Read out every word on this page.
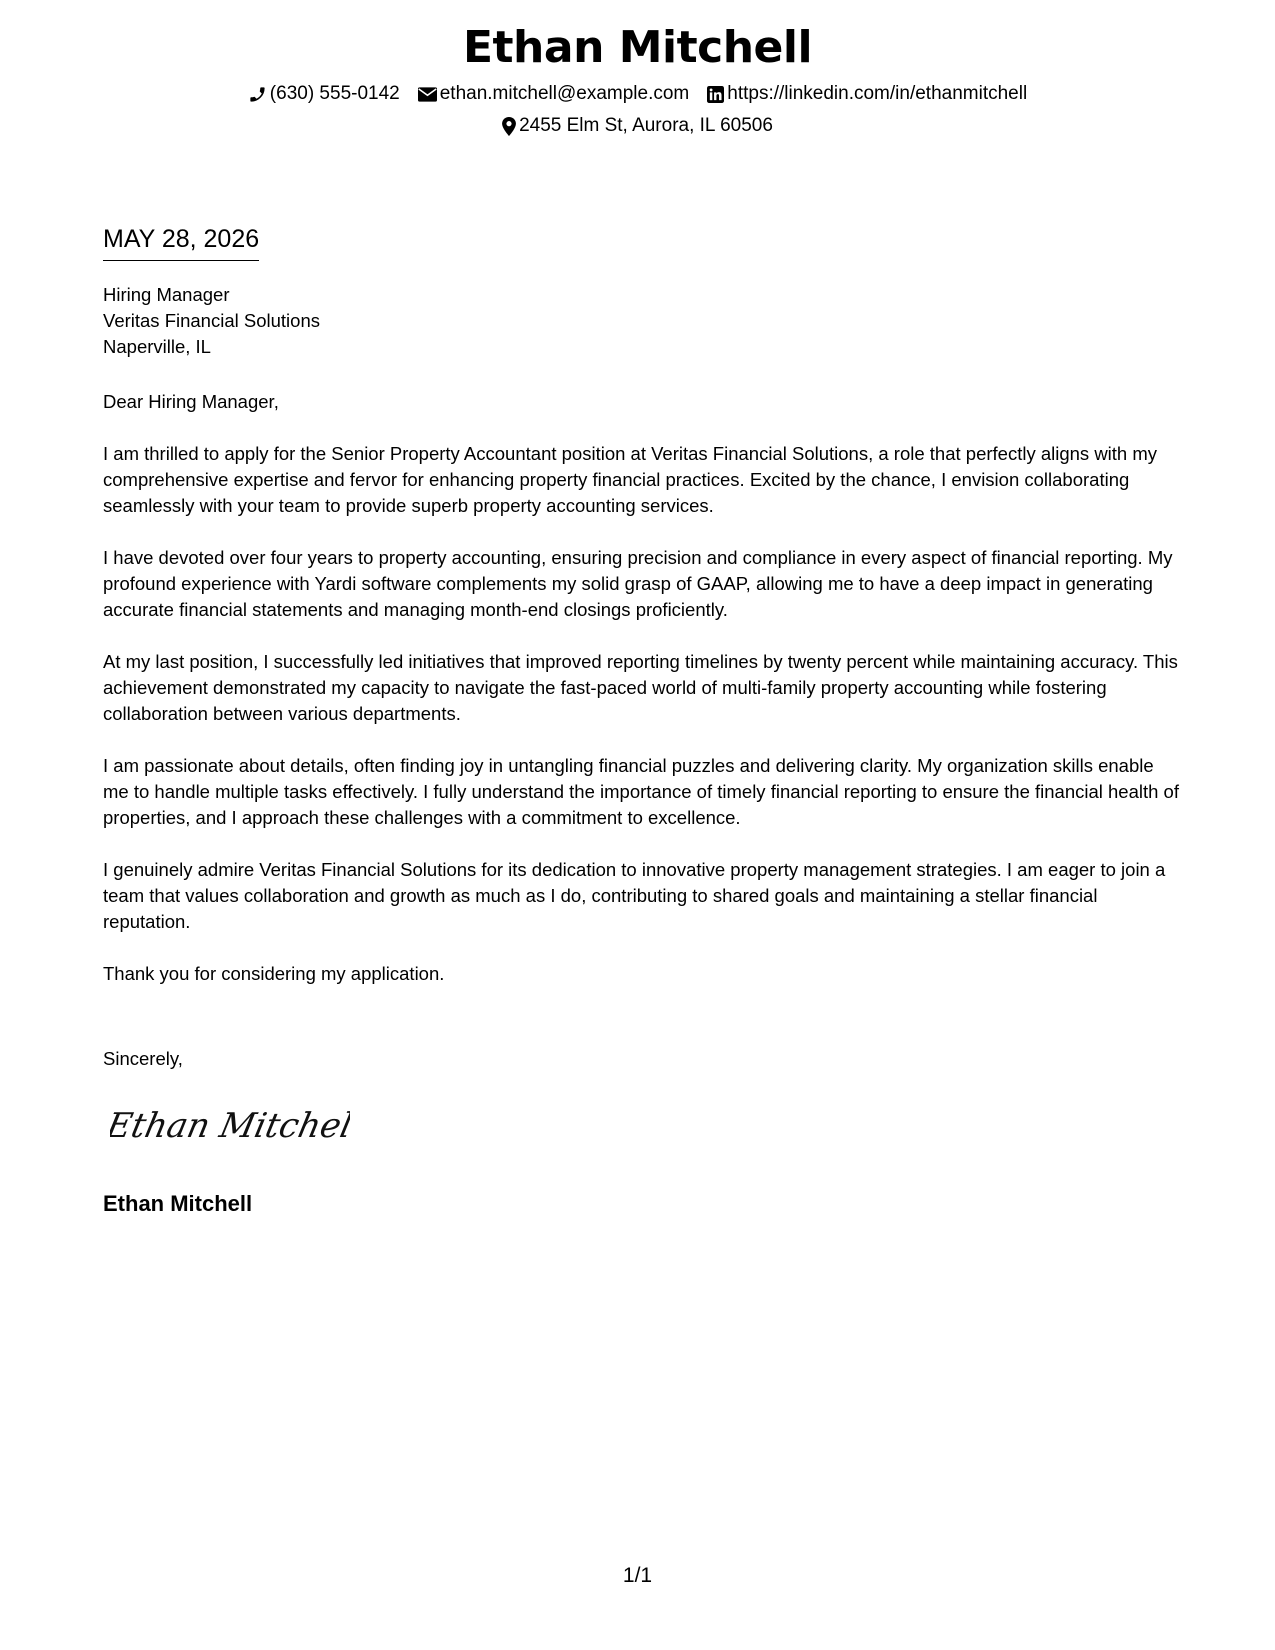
Ethan Mitchell
(630) 555-0142 ethan.mitchell@example.com https://linkedin.com/in/ethanmitchell
2455 Elm St, Aurora, IL 60506
MAY 28, 2026
Hiring Manager
Veritas Financial Solutions
Naperville, IL
Dear Hiring Manager,

I am thrilled to apply for the Senior Property Accountant position at Veritas Financial Solutions, a role that perfectly aligns with my comprehensive expertise and fervor for enhancing property financial practices. Excited by the chance, I envision collaborating seamlessly with your team to provide superb property accounting services.

I have devoted over four years to property accounting, ensuring precision and compliance in every aspect of financial reporting. My profound experience with Yardi software complements my solid grasp of GAAP, allowing me to have a deep impact in generating accurate financial statements and managing month-end closings proficiently.

At my last position, I successfully led initiatives that improved reporting timelines by twenty percent while maintaining accuracy. This achievement demonstrated my capacity to navigate the fast-paced world of multi-family property accounting while fostering collaboration between various departments.

I am passionate about details, often finding joy in untangling financial puzzles and delivering clarity. My organization skills enable me to handle multiple tasks effectively. I fully understand the importance of timely financial reporting to ensure the financial health of properties, and I approach these challenges with a commitment to excellence.

I genuinely admire Veritas Financial Solutions for its dedication to innovative property management strategies. I am eager to join a team that values collaboration and growth as much as I do, contributing to shared goals and maintaining a stellar financial reputation.

Thank you for considering my application.

Sincerely,
Ethan Mitchell
Ethan Mitchell
1/1
